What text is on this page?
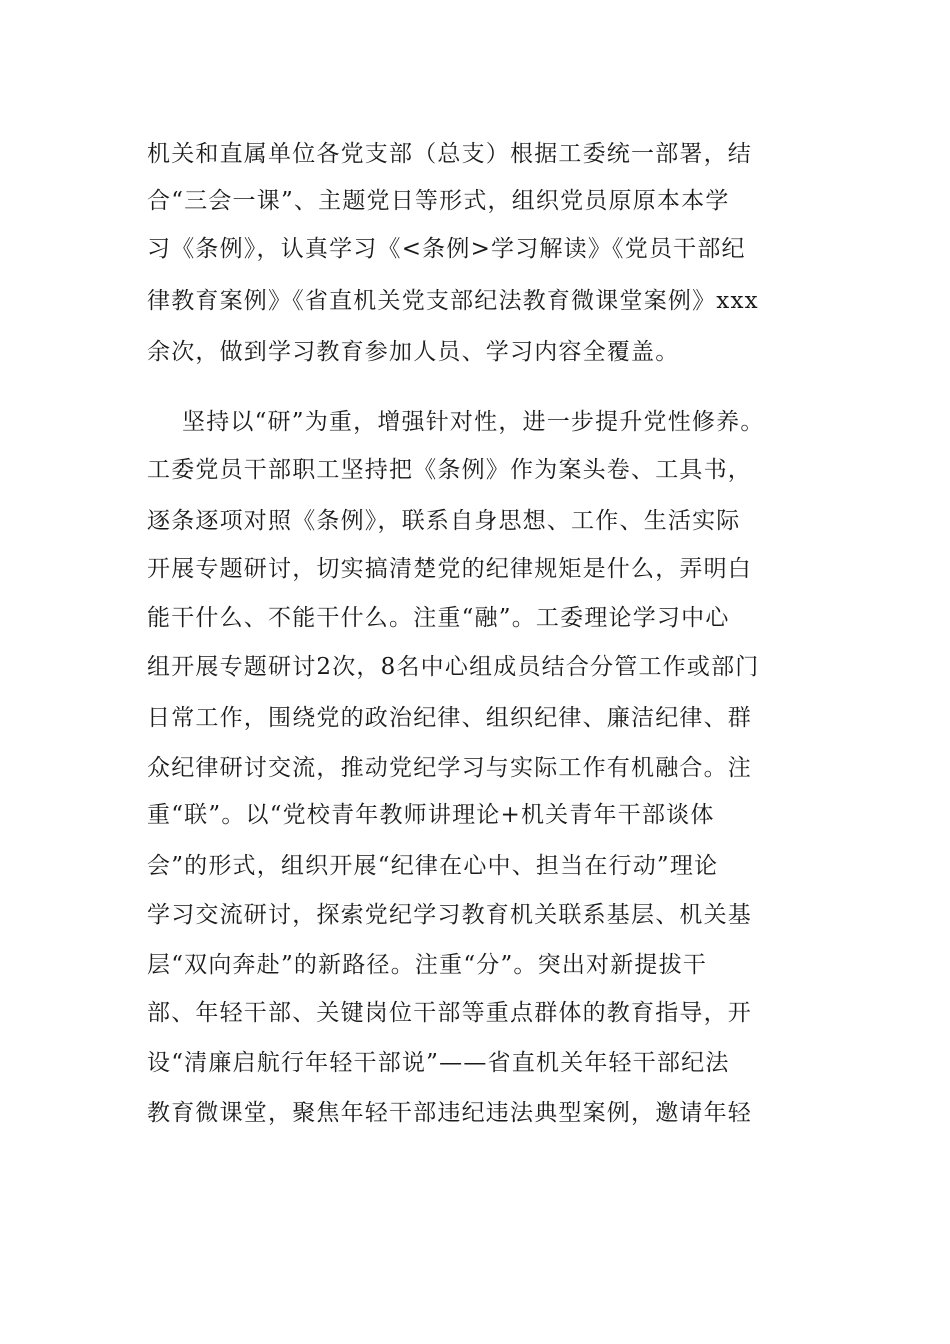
机关和直属单位各党支部（总支）根据工委统一部署，结
合“三会一课”、主题党日等形式，组织党员原原本本学
习《条例》，认真学习《<条例>学习解读》《党员干部纪
律教育案例》《省直机关党支部纪法教育微课堂案例》xxx
余次，做到学习教育参加人员、学习内容全覆盖。
坚持以“研”为重，增强针对性，进一步提升党性修养。
工委党员干部职工坚持把《条例》作为案头卷、工具书，
逐条逐项对照《条例》，联系自身思想、工作、生活实际
开展专题研讨，切实搞清楚党的纪律规矩是什么，弄明白
能干什么、不能干什么。注重“融”。工委理论学习中心
组开展专题研讨2次，8名中心组成员结合分管工作或部门
日常工作，围绕党的政治纪律、组织纪律、廉洁纪律、群
众纪律研讨交流，推动党纪学习与实际工作有机融合。注
重“联”。以“党校青年教师讲理论+机关青年干部谈体
会”的形式，组织开展“纪律在心中、担当在行动”理论
学习交流研讨，探索党纪学习教育机关联系基层、机关基
层“双向奔赴”的新路径。注重“分”。突出对新提拔干
部、年轻干部、关键岗位干部等重点群体的教育指导，开
设“清廉启航行年轻干部说”——省直机关年轻干部纪法
教育微课堂，聚焦年轻干部违纪违法典型案例，邀请年轻
